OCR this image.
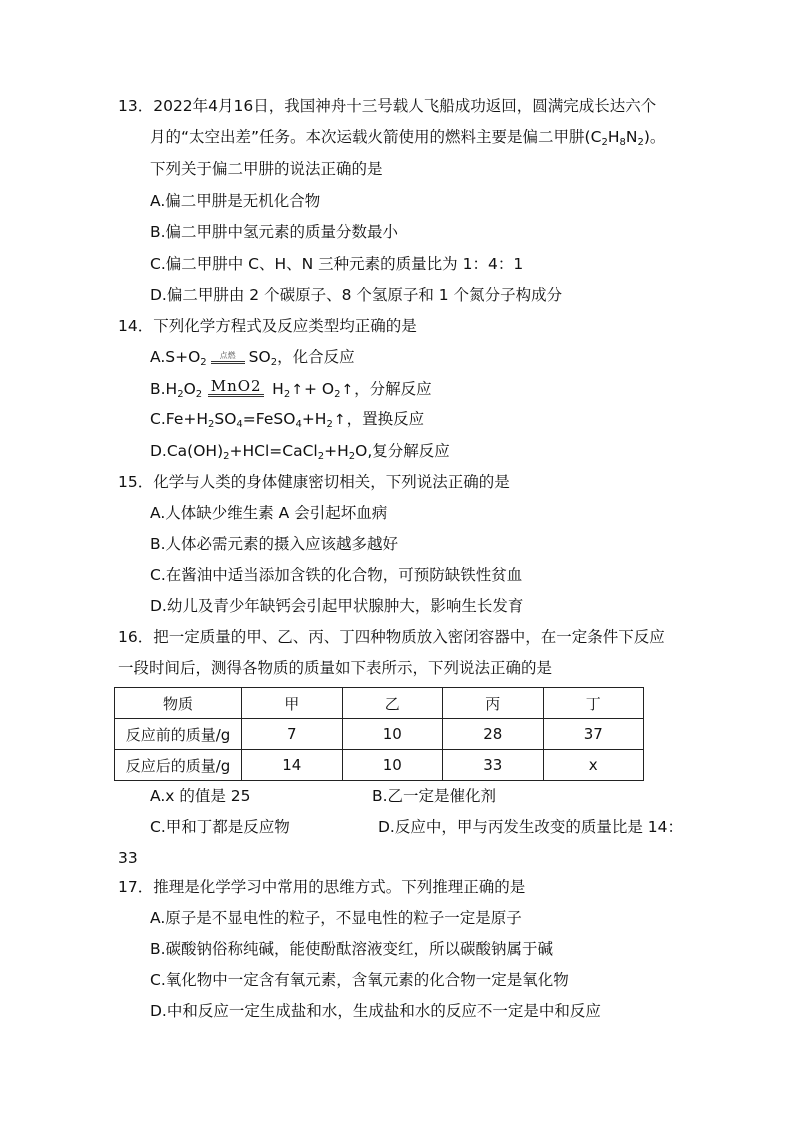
13．2022年4月16日，我国神舟十三号载人飞船成功返回，圆满完成长达六个
月的“太空出差”任务。本次运载火箭使用的燃料主要是偏二甲肼$(C_2H_8N_2)$。
下列关于偏二甲肼的说法正确的是
A.偏二甲肼是无机化合物
B.偏二甲肼中氢元素的质量分数最小
C.偏二甲肼中 C、H、N 三种元素的质量比为 1：4：1
D.偏二甲肼由 2 个碳原子、8 个氢原子和 1 个氮分子构成分
14．下列化学方程式及反应类型均正确的是
$A.S+O_2$点燃 $SO_2$，化合反应
$B.H_2O_2$ MnO2 $H_2↑+$ $O_2↑$，分解反应
$C.Fe+H_2SO_4=FeSO_4+H_2↑$，置换反应
$D.Ca(OH)_2+HCl=CaCl_2+H_2O$,复分解反应
15．化学与人类的身体健康密切相关，下列说法正确的是
A.人体缺少维生素 A 会引起坏血病
B.人体必需元素的摄入应该越多越好
C.在酱油中适当添加含铁的化合物，可预防缺铁性贫血
D.幼儿及青少年缺钙会引起甲状腺肿大，影响生长发育
16．把一定质量的甲、乙、丙、丁四种物质放入密闭容器中，在一定条件下反应
一段时间后，测得各物质的质量如下表所示，下列说法正确的是
物质	甲	乙	丙	丁
反应前的质量/g	7	10	28	37
反应后的质量/g	14	10	33	x
A.x 的值是 25	B.乙一定是催化剂
C.甲和丁都是反应物	D.反应中，甲与丙发生改变的质量比是 14：
33
17．推理是化学学习中常用的思维方式。下列推理正确的是
A.原子是不显电性的粒子，不显电性的粒子一定是原子
B.碳酸钠俗称纯碱，能使酚酞溶液变红，所以碳酸钠属于碱
C.氧化物中一定含有氧元素，含氧元素的化合物一定是氧化物
D.中和反应一定生成盐和水，生成盐和水的反应不一定是中和反应
